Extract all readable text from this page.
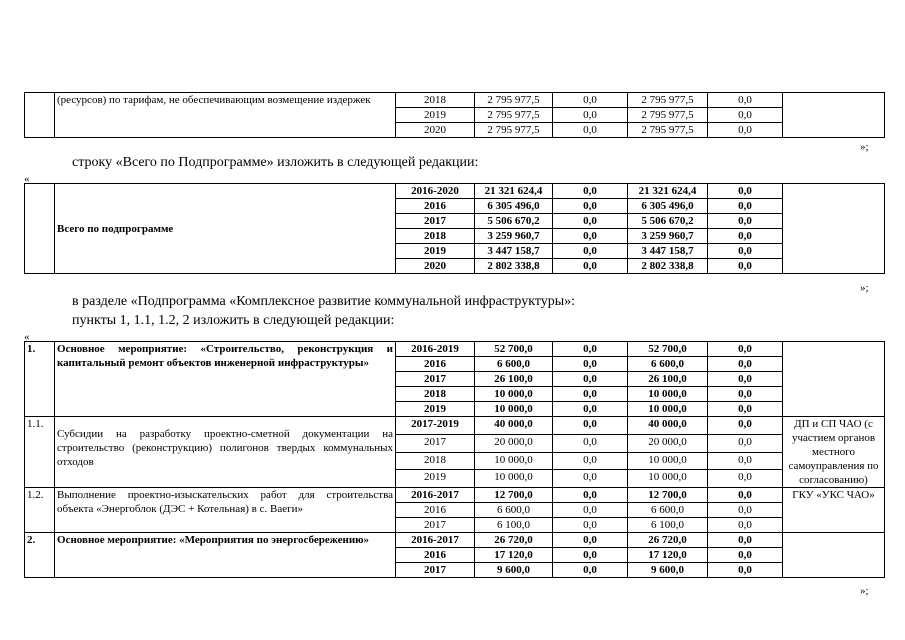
	(ресурсов) по тарифам, не обеспечивающим возмещение издержек	2018	2 795 977,5	0,0	2 795 977,5	0,0	
		2019	2 795 977,5	0,0	2 795 977,5	0,0	
		2020	2 795 977,5	0,0	2 795 977,5	0,0	
»;
строку «Всего по Подпрограмме» изложить в следующей редакции:
«
	Всего по подпрограмме	2016-2020	21 321 624,4	0,0	21 321 624,4	0,0	
		2016	6 305 496,0	0,0	6 305 496,0	0,0	
		2017	5 506 670,2	0,0	5 506 670,2	0,0	
		2018	3 259 960,7	0,0	3 259 960,7	0,0	
		2019	3 447 158,7	0,0	3 447 158,7	0,0	
		2020	2 802 338,8	0,0	2 802 338,8	0,0	
»;
в разделе «Подпрограмма «Комплексное развитие коммунальной инфраструктуры»:
пункты 1, 1.1, 1.2, 2 изложить в следующей редакции:
«
1.	Основное мероприятие: «Строительство, реконструкция и капитальный ремонт объектов инженерной инфраструктуры»	2016-2019	52 700,0	0,0	52 700,0	0,0	
		2016	6 600,0	0,0	6 600,0	0,0	
		2017	26 100,0	0,0	26 100,0	0,0	
		2018	10 000,0	0,0	10 000,0	0,0	
		2019	10 000,0	0,0	10 000,0	0,0	
1.1.	Субсидии на разработку проектно-сметной документации на строительство (реконструкцию) полигонов твердых коммунальных отходов	2017-2019	40 000,0	0,0	40 000,0	0,0	ДП и СП ЧАО (с участием органов местного самоуправления по согласованию)
		2017	20 000,0	0,0	20 000,0	0,0	
		2018	10 000,0	0,0	10 000,0	0,0	
		2019	10 000,0	0,0	10 000,0	0,0	
1.2.	Выполнение проектно-изыскательских работ для строительства объекта «Энергоблок (ДЭС + Котельная) в с. Ваеги»	2016-2017	12 700,0	0,0	12 700,0	0,0	ГКУ «УКС ЧАО»
		2016	6 600,0	0,0	6 600,0	0,0	
		2017	6 100,0	0,0	6 100,0	0,0	
2.	Основное мероприятие: «Мероприятия по энергосбережению»	2016-2017	26 720,0	0,0	26 720,0	0,0	
		2016	17 120,0	0,0	17 120,0	0,0	
		2017	9 600,0	0,0	9 600,0	0,0	
»;
